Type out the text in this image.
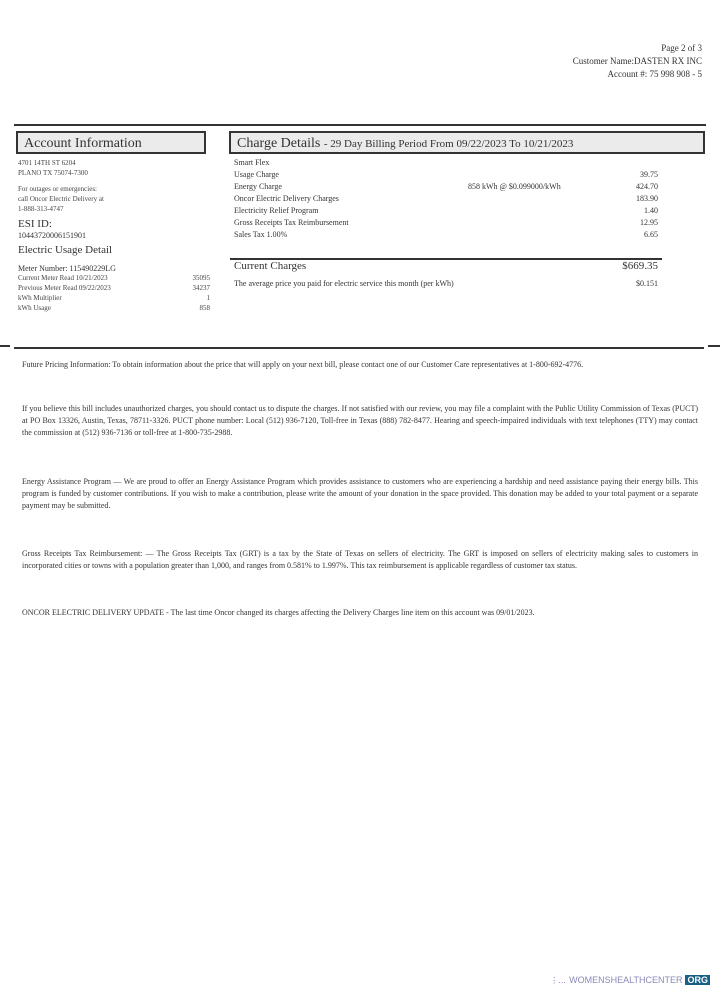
Page 2 of 3
Customer Name:DASTEN RX INC
Account #: 75 998 908 - 5
Account Information
4701 14TH ST 6204
PLANO TX 75074-7300
For outages or emergencies:
call Oncor Electric Delivery at
1-888-313-4747
ESI ID:
10443720006151901
Electric Usage Detail
Meter Number: 115490229LG
Current Meter Read 10/21/2023	35095
Previous Meter Read 09/22/2023	34237
kWh Multiplier	1
kWh Usage	858
Charge Details - 29 Day Billing Period From 09/22/2023 To 10/21/2023
Smart Flex
Usage Charge	39.75
Energy Charge	858 kWh @ $0.099000/kWh	424.70
Oncor Electric Delivery Charges	183.90
Electricity Relief Program	1.40
Gross Receipts Tax Reimbursement	12.95
Sales Tax 1.00%	6.65
Current Charges	$669.35
The average price you paid for electric service this month (per kWh)	$0.151
Future Pricing Information: To obtain information about the price that will apply on your next bill, please contact one of our Customer Care representatives at 1-800-692-4776.
If you believe this bill includes unauthorized charges, you should contact us to dispute the charges. If not satisfied with our review, you may file a complaint with the Public Utility Commission of Texas (PUCT) at PO Box 13326, Austin, Texas, 78711-3326. PUCT phone number: Local (512) 936-7120, Toll-free in Texas (888) 782-8477. Hearing and speech-impaired individuals with text telephones (TTY) may contact the commission at (512) 936-7136 or toll-free at 1-800-735-2988.
Energy Assistance Program — We are proud to offer an Energy Assistance Program which provides assistance to customers who are experiencing a hardship and need assistance paying their energy bills. This program is funded by customer contributions. If you wish to make a contribution, please write the amount of your donation in the space provided. This donation may be added to your total payment or a separate payment may be submitted.
Gross Receipts Tax Reimbursement: — The Gross Receipts Tax (GRT) is a tax by the State of Texas on sellers of electricity. The GRT is imposed on sellers of electricity making sales to customers in incorporated cities or towns with a population greater than 1,000, and ranges from 0.581% to 1.997%. This tax reimbursement is applicable regardless of customer tax status.
ONCOR ELECTRIC DELIVERY UPDATE - The last time Oncor changed its charges affecting the Delivery Charges line item on this account was 09/01/2023.
⋮… WOMENSHEALTHCENTER ORG
